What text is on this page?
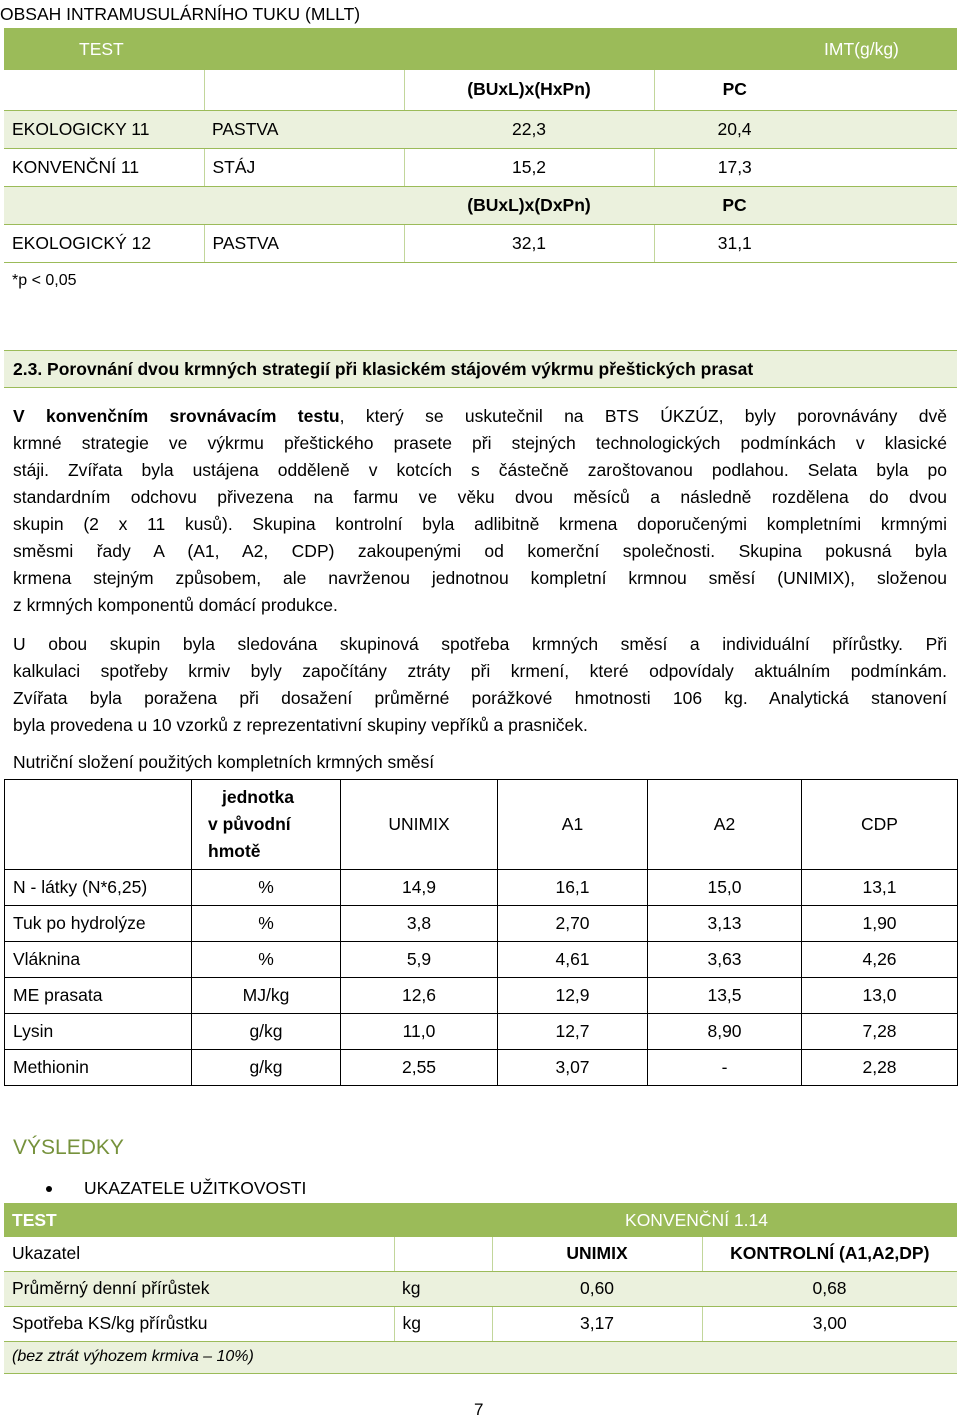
OBSAH INTRAMUSULÁRNÍHO TUKU (MLLT)
TEST		IMT(g/kg)	
		(BUxL)x(HxPn)	PC
EKOLOGICKY 11	PASTVA	22,3	20,4
KONVENČNÍ 11	STÁJ	15,2	17,3
		(BUxL)x(DxPn)	PC
EKOLOGICKÝ 12	PASTVA	32,1	31,1
*p < 0,05
2.3. Porovnání dvou krmných strategií při klasickém stájovém výkrmu přeštických prasat

V konvenčním srovnávacím testu, který se uskutečnil na BTS ÚKZÚZ, byly porovnávány dvě

krmné strategie ve výkrmu přeštického prasete při stejných technologických podmínkách v klasické

stáji. Zvířata byla ustájena odděleně v kotcích s částečně zaroštovanou podlahou. Selata byla po

standardním odchovu přivezena na farmu ve věku dvou měsíců a následně rozdělena do dvou

skupin (2 x 11 kusů). Skupina kontrolní byla adlibitně krmena doporučenými kompletními krmnými

směsmi řady A (A1, A2, CDP) zakoupenými od komerční společnosti. Skupina pokusná byla

krmena stejným způsobem, ale navrženou jednotnou kompletní krmnou směsí (UNIMIX), složenou

z krmných komponentů domácí produkce.

U obou skupin byla sledována skupinová spotřeba krmných směsí a individuální přírůstky. Při

kalkulaci spotřeby krmiv byly započítány ztráty při krmení, které odpovídaly aktuálním podmínkám.

Zvířata byla poražena při dosažení průměrné porážkové hmotnosti 106 kg. Analytická stanovení

byla provedena u 10 vzorků z reprezentativní skupiny vepříků a prasniček.

Nutriční složení použitých kompletních krmných směsí

	jednotka
v původní
hmotě	UNIMIX	A1	A2	CDP
N - látky (N*6,25)	%	14,9	16,1	15,0	13,1
Tuk po hydrolýze	%	3,8	2,70	3,13	1,90
Vláknina	%	5,9	4,61	3,63	4,26
ME prasata	MJ/kg	12,6	12,9	13,5	13,0
Lysin	g/kg	11,0	12,7	8,90	7,28
Methionin	g/kg	2,55	3,07	-	2,28
VÝSLEDKY
UKAZATELE UŽITKOVOSTI
TEST		KONVENČNÍ 1.14	
Ukazatel		UNIMIX	KONTROLNÍ (A1,A2,DP)
Průměrný denní přírůstek	kg	0,60	0,68
Spotřeba KS/kg přírůstku	kg	3,17	3,00
(bez ztrát výhozem krmiva – 10%)			
7
